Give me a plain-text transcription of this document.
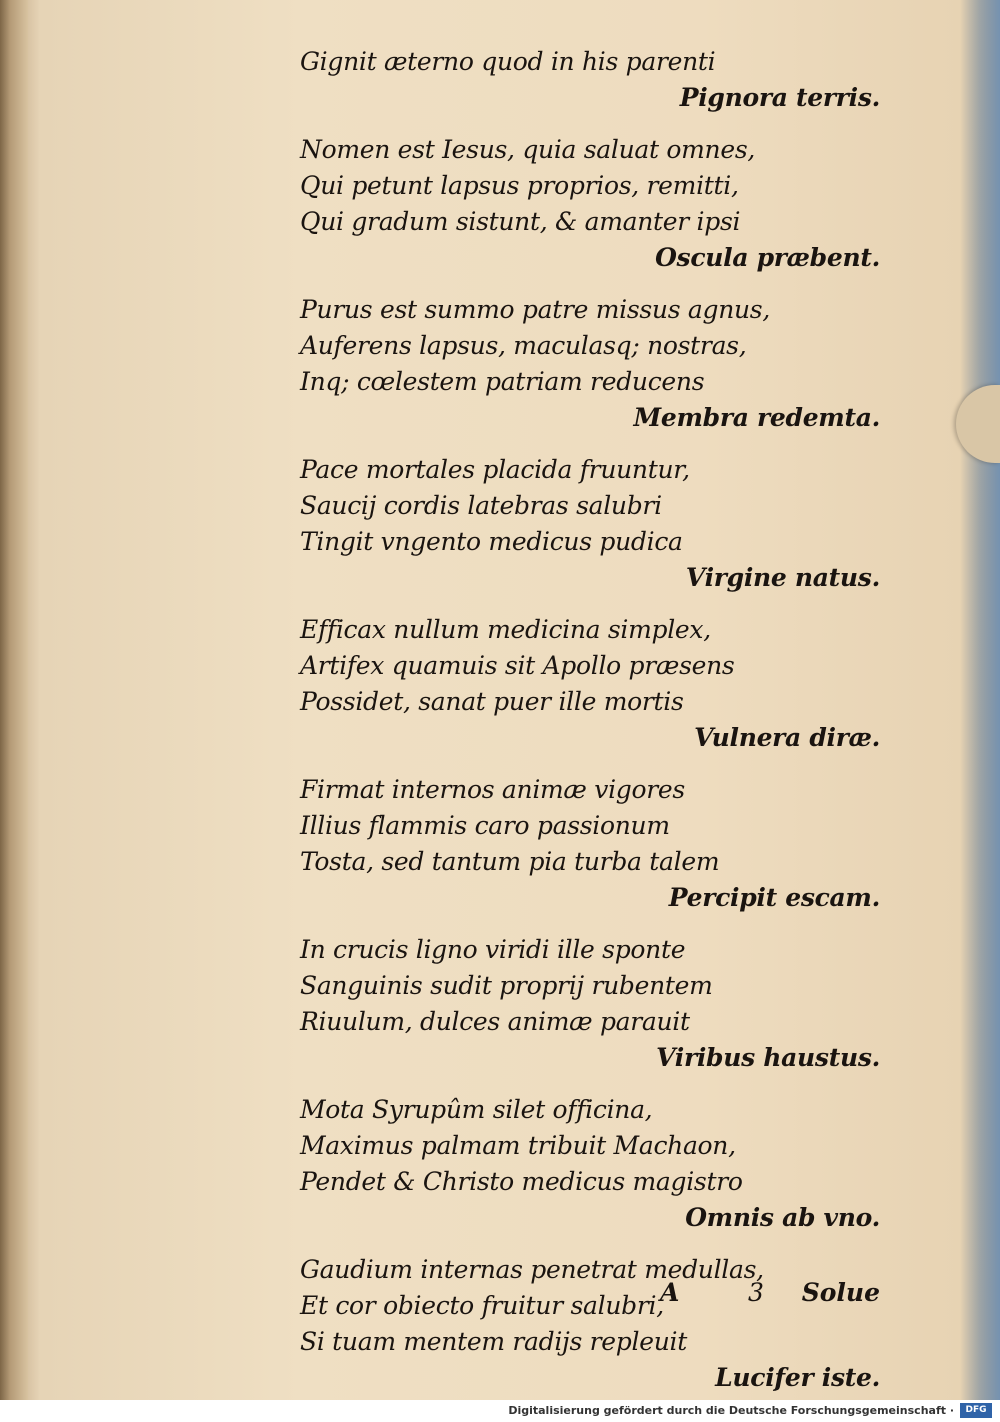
Gignit æterno quod in his parenti
Pignora terris.
Nomen est Iesus, quia saluat omnes,
Qui petunt lapsus proprios, remitti,
Qui gradum sistunt, & amanter ipsi
Oscula præbent.
Purus est summo patre missus agnus,
Auferens lapsus, maculasq; nostras,
Inq; cœlestem patriam reducens
Membra redemta.
Pace mortales placida fruuntur,
Saucij cordis latebras salubri
Tingit vngento medicus pudica
Virgine natus.
Efficax nullum medicina simplex,
Artifex quamuis sit Apollo præsens
Possidet, sanat puer ille mortis
Vulnera diræ.
Firmat internos animæ vigores
Illius flammis caro passionum
Tosta, sed tantum pia turba talem
Percipit escam.
In crucis ligno viridi ille sponte
Sanguinis sudit proprij rubentem
Riuulum, dulces animæ parauit
Viribus haustus.
Mota Syrupûm silet officina,
Maximus palmam tribuit Machaon,
Pendet & Christo medicus magistro
Omnis ab vno.
Gaudium internas penetrat medullas,
Et cor obiecto fruitur salubri,
Si tuam mentem radijs repleuit
Lucifer iste.
A	3 Solue
Digitalisierung gefördert durch die Deutsche Forschungsgemeinschaft ·	DFG
